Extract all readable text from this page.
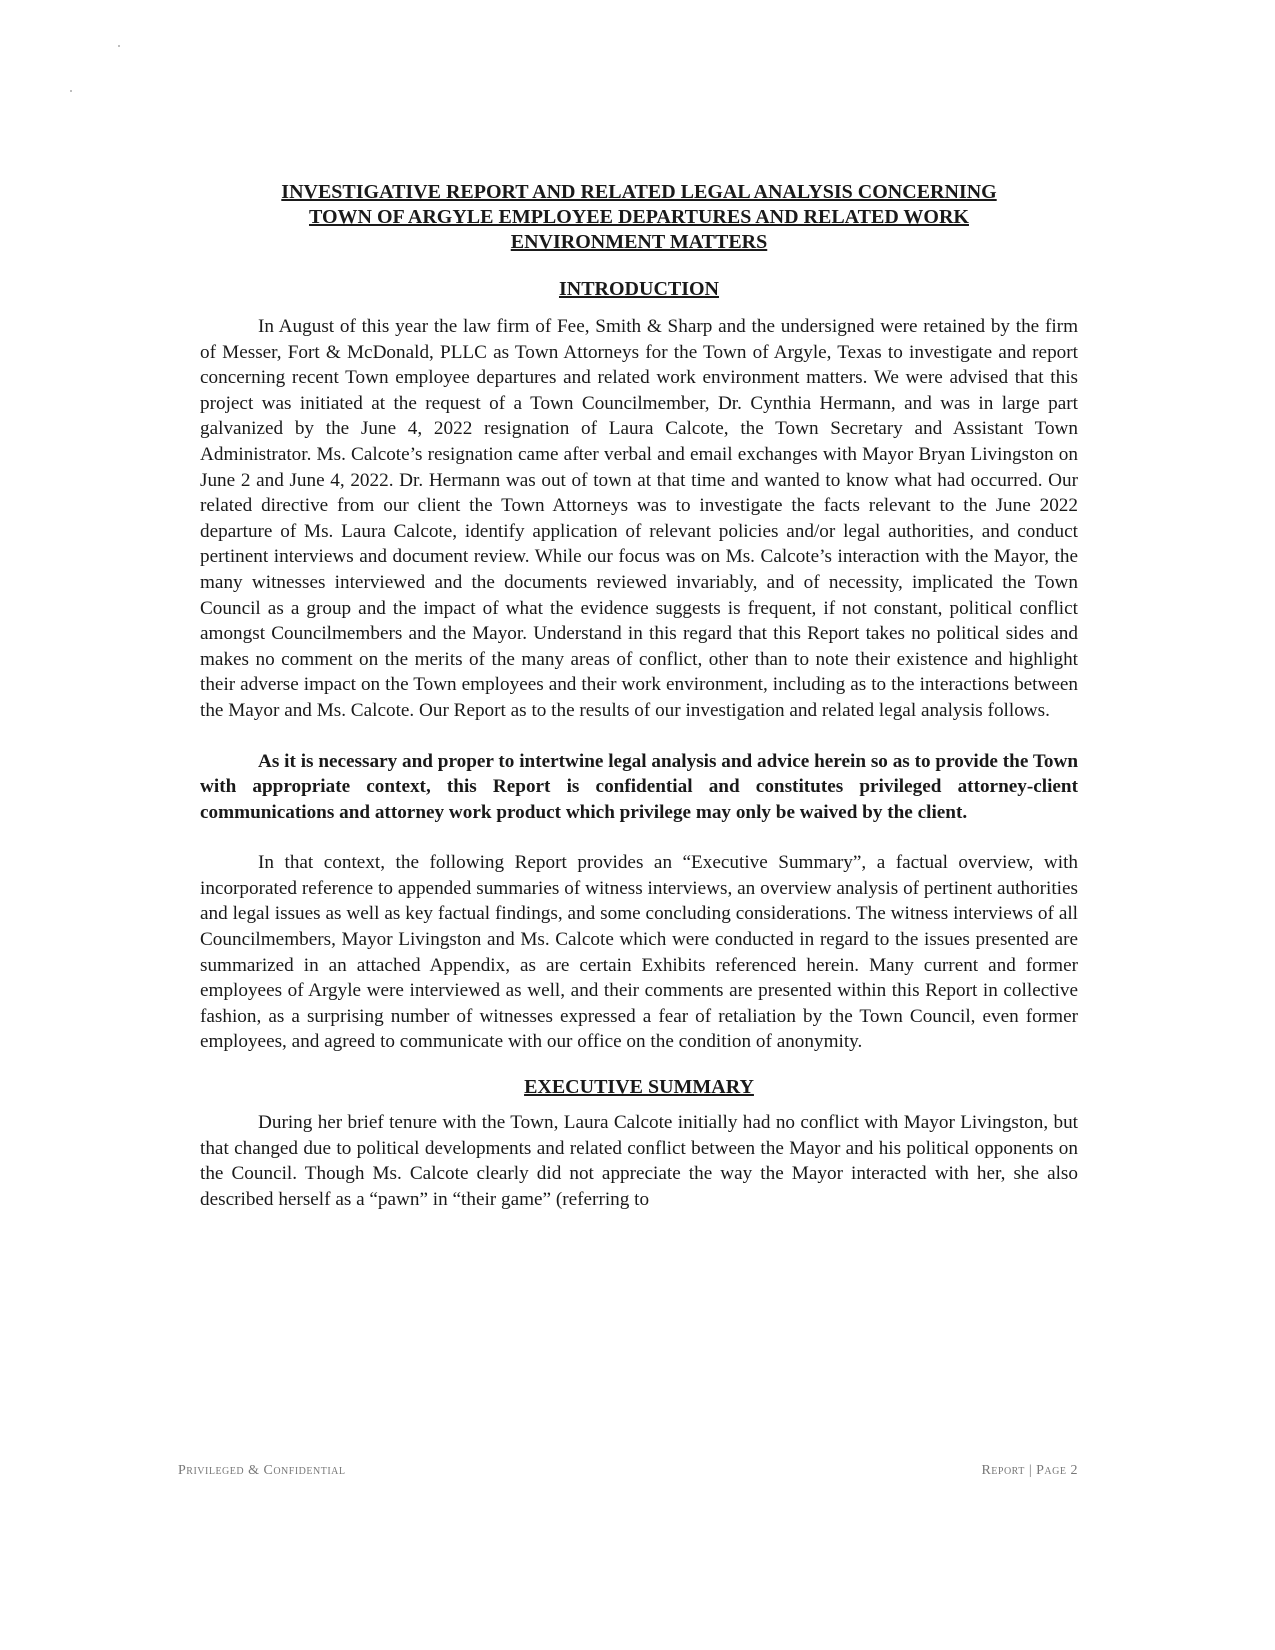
INVESTIGATIVE REPORT AND RELATED LEGAL ANALYSIS CONCERNING
TOWN OF ARGYLE EMPLOYEE DEPARTURES AND RELATED WORK
ENVIRONMENT MATTERS
INTRODUCTION

In August of this year the law firm of Fee, Smith & Sharp and the undersigned were retained by the firm of Messer, Fort & McDonald, PLLC as Town Attorneys for the Town of Argyle, Texas to investigate and report concerning recent Town employee departures and related work environment matters. We were advised that this project was initiated at the request of a Town Councilmember, Dr. Cynthia Hermann, and was in large part galvanized by the June 4, 2022 resignation of Laura Calcote, the Town Secretary and Assistant Town Administrator. Ms. Calcote’s resignation came after verbal and email exchanges with Mayor Bryan Livingston on June 2 and June 4, 2022. Dr. Hermann was out of town at that time and wanted to know what had occurred. Our related directive from our client the Town Attorneys was to investigate the facts relevant to the June 2022 departure of Ms. Laura Calcote, identify application of relevant policies and/or legal authorities, and conduct pertinent interviews and document review. While our focus was on Ms. Calcote’s interaction with the Mayor, the many witnesses interviewed and the documents reviewed invariably, and of necessity, implicated the Town Council as a group and the impact of what the evidence suggests is frequent, if not constant, political conflict amongst Councilmembers and the Mayor. Understand in this regard that this Report takes no political sides and makes no comment on the merits of the many areas of conflict, other than to note their existence and highlight their adverse impact on the Town employees and their work environment, including as to the interactions between the Mayor and Ms. Calcote. Our Report as to the results of our investigation and related legal analysis follows.

As it is necessary and proper to intertwine legal analysis and advice herein so as to provide the Town with appropriate context, this Report is confidential and constitutes privileged attorney-client communications and attorney work product which privilege may only be waived by the client.

In that context, the following Report provides an “Executive Summary”, a factual overview, with incorporated reference to appended summaries of witness interviews, an overview analysis of pertinent authorities and legal issues as well as key factual findings, and some concluding considerations. The witness interviews of all Councilmembers, Mayor Livingston and Ms. Calcote which were conducted in regard to the issues presented are summarized in an attached Appendix, as are certain Exhibits referenced herein. Many current and former employees of Argyle were interviewed as well, and their comments are presented within this Report in collective fashion, as a surprising number of witnesses expressed a fear of retaliation by the Town Council, even former employees, and agreed to communicate with our office on the condition of anonymity.

EXECUTIVE SUMMARY

During her brief tenure with the Town, Laura Calcote initially had no conflict with Mayor Livingston, but that changed due to political developments and related conflict between the Mayor and his political opponents on the Council. Though Ms. Calcote clearly did not appreciate the way the Mayor interacted with her, she also described herself as a “pawn” in “their game” (referring to

Privileged & Confidential	Report | Page 2
